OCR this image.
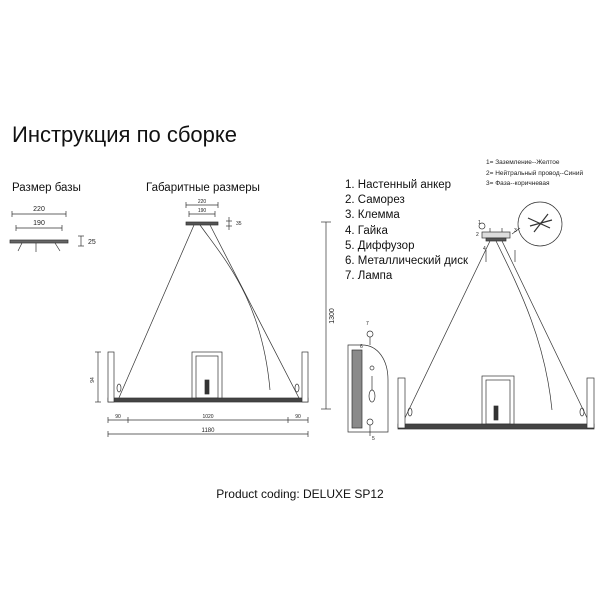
Инструкция по сборке
Размер базы	Габаритные размеры	1. Настенный анкер
2. Саморез
3. Клемма
4. Гайка
5. Диффузор
6. Металлический диск
7. Лампа
1= Заземление--Желтое
2= Нейтральный провод--Синий
3= Фаза--коричневая
Product coding: DELUXE SP12
220
190
25
220
190
35
1300
94
90	1020	90
1180
7
6
5
1
2
3
4
